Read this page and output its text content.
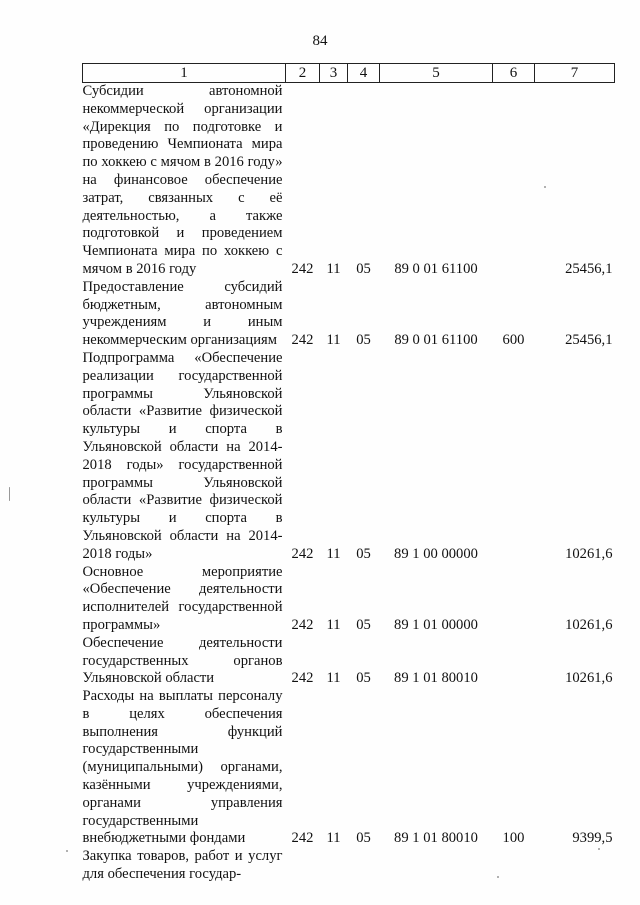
84
1	2	3	4	5	6	7
Субсидии автономной некоммерческой организации «Дирекция по подготовке и проведению Чемпионата мира по хоккею с мячом в 2016 году» на финансовое обеспечение затрат, связанных с её деятельностью, а также подготовкой и проведением Чемпионата мира по хоккею с мячом в 2016 году	242	11	05	89 0 01 61100		25456,1
Предоставление субсидий бюджетным, автономным учреждениям и иным некоммерческим организациям	242	11	05	89 0 01 61100	600	25456,1
Подпрограмма «Обеспечение реализации государственной программы Ульяновской области «Развитие физической культуры и спорта в Ульяновской области на 2014-2018 годы» государственной программы Ульяновской области «Развитие физической культуры и спорта в Ульяновской области на 2014-2018 годы»	242	11	05	89 1 00 00000		10261,6
Основное мероприятие «Обеспечение деятельности исполнителей государственной программы»	242	11	05	89 1 01 00000		10261,6
Обеспечение деятельности государственных органов Ульяновской области	242	11	05	89 1 01 80010		10261,6
Расходы на выплаты персоналу в целях обеспечения выполнения функций государственными (муниципальными) органами, казёнными учреждениями, органами управления государственными внебюджетными фондами	242	11	05	89 1 01 80010	100	9399,5
Закупка товаров, работ и услуг для обеспечения государ-						
